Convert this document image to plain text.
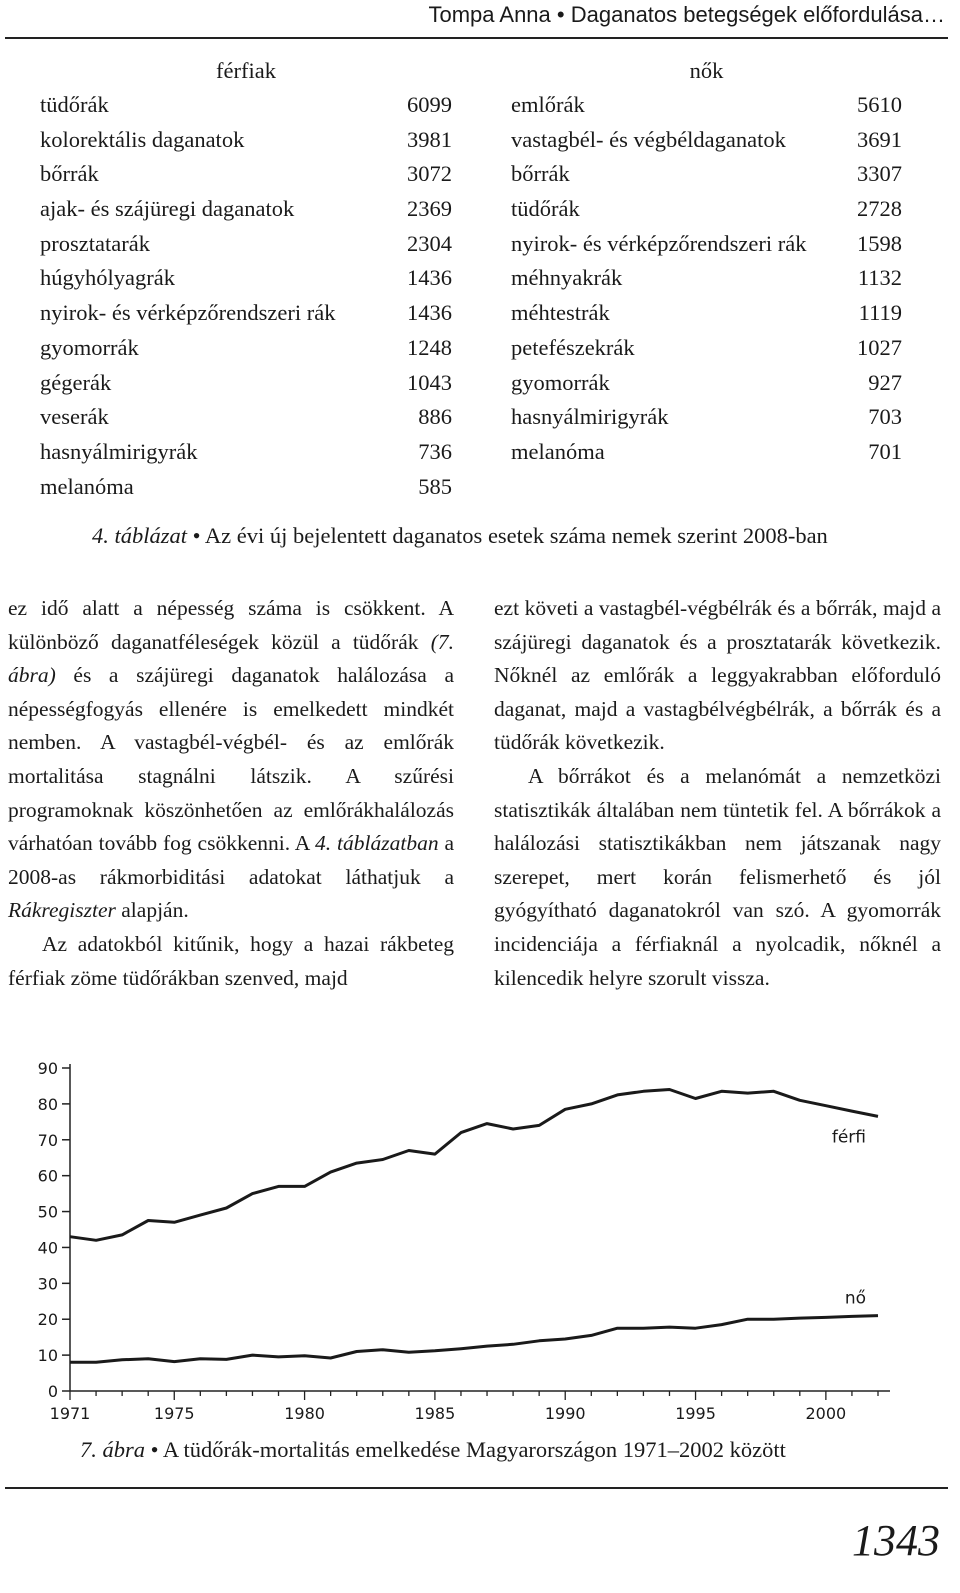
Tompa Anna • Daganatos betegségek előfordulása…
férfiak
tüdőrák	6099
kolorektális daganatok	3981
bőrrák	3072
ajak- és szájüregi daganatok	2369
prosztatarák	2304
húgyhólyagrák	1436
nyirok- és vérképzőrendszeri rák	1436
gyomorrák	1248
gégerák	1043
veserák	886
hasnyálmirigyrák	736
melanóma	585
nők
emlőrák	5610
vastagbél- és végbéldaganatok	3691
bőrrák	3307
tüdőrák	2728
nyirok- és vérképzőrendszeri rák 1598
méhnyakrák	1132
méhtestrák	1119
petefészekrák	1027
gyomorrák	927
hasnyálmirigyrák	703
melanóma	701
4. táblázat • Az évi új bejelentett daganatos esetek száma nemek szerint 2008-ban

ez idő alatt a népesség száma is csökkent. A különböző daganatféleségek közül a tüdőrák (7. ábra) és a szájüregi daganatok halálozása a népességfogyás ellenére is emelkedett mindkét nemben. A vastagbél-végbél- és az emlőrák mortalitása stagnálni látszik. A szűrési programoknak köszönhetően az emlőrákhalálozás várhatóan tovább fog csökkenni. A 4. táblázatban a 2008-as rákmorbiditási adatokat láthatjuk a Rákregiszter alapján.

Az adatokból kitűnik, hogy a hazai rákbeteg férfiak zöme tüdőrákban szenved, majd

ezt követi a vastagbél-végbélrák és a bőrrák, majd a szájüregi daganatok és a prosztatarák következik. Nőknél az emlőrák a leggyakrabban előforduló daganat, majd a vastagbélvégbélrák, a bőrrák és a tüdőrák következik.

A bőrrákot és a melanómát a nemzetközi statisztikák általában nem tüntetik fel. A bőrrákok a halálozási statisztikákban nem játszanak nagy szerepet, mert korán felismerhető és jól gyógyítható daganatokról van szó. A gyomorrák incidenciája a férfiaknál a nyolcadik, nőknél a kilencedik helyre szorult vissza.

0
10
20
30
40
50
60
70
80
90
1971	1975	1980	1985	1990	1995	2000
férfi
nő
7. ábra • A tüdőrák-mortalitás emelkedése Magyarországon 1971–2002 között
1343
